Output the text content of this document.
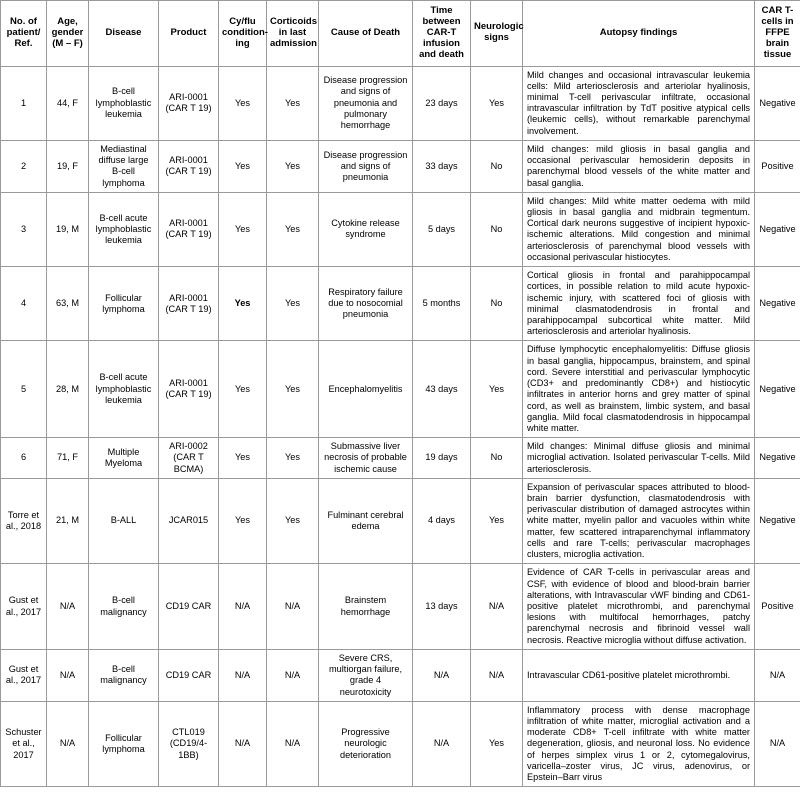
No. of patient/ Ref.	Age, gender (M – F)	Disease	Product	Cy/flu condition-ing	Corticoids in last admission	Cause of Death	Time between CAR-T infusion and death	Neurologic signs	Autopsy findings	CAR T-cells in FFPE brain tissue
1	44, F	B-cell lymphoblastic leukemia	ARI-0001 (CAR T 19)	Yes	Yes	Disease progression and signs of pneumonia and pulmonary hemorrhage	23 days	Yes	Mild changes and occasional intravascular leukemia cells: Mild arteriosclerosis and arteriolar hyalinosis, minimal T-cell perivascular infiltrate, occasional intravascular infiltration by TdT positive atypical cells (leukemic cells), without remarkable parenchymal involvement.	Negative
2	19, F	Mediastinal diffuse large B-cell lymphoma	ARI-0001 (CAR T 19)	Yes	Yes	Disease progression and signs of pneumonia	33 days	No	Mild changes: mild gliosis in basal ganglia and occasional perivascular hemosiderin deposits in parenchymal blood vessels of the white matter and basal ganglia.	Positive
3	19, M	B-cell acute lymphoblastic leukemia	ARI-0001 (CAR T 19)	Yes	Yes	Cytokine release syndrome	5 days	No	Mild changes: Mild white matter oedema with mild gliosis in basal ganglia and midbrain tegmentum. Cortical dark neurons suggestive of incipient hypoxic-ischemic alterations. Mild congestion and minimal arteriosclerosis of parenchymal blood vessels with occasional perivascular histiocytes.	Negative
4	63, M	Follicular lymphoma	ARI-0001 (CAR T 19)	Yes	Yes	Respiratory failure due to nosocomial pneumonia	5 months	No	Cortical gliosis in frontal and parahippocampal cortices, in possible relation to mild acute hypoxic-ischemic injury, with scattered foci of gliosis with minimal clasmatodendrosis in frontal and parahippocampal subcortical white matter. Mild arteriosclerosis and arteriolar hyalinosis.	Negative
5	28, M	B-cell acute lymphoblastic leukemia	ARI-0001 (CAR T 19)	Yes	Yes	Encephalomyelitis	43 days	Yes	Diffuse lymphocytic encephalomyelitis: Diffuse gliosis in basal ganglia, hippocampus, brainstem, and spinal cord. Severe interstitial and perivascular lymphocytic (CD3+ and predominantly CD8+) and histiocytic infiltrates in anterior horns and grey matter of spinal cord, as well as brainstem, limbic system, and basal ganglia. Mild focal clasmatodendrosis in hippocampal white matter.	Negative
6	71, F	Multiple Myeloma	ARI-0002 (CAR T BCMA)	Yes	Yes	Submassive liver necrosis of probable ischemic cause	19 days	No	Mild changes: Minimal diffuse gliosis and minimal microglial activation. Isolated perivascular T-cells. Mild arteriosclerosis.	Negative
Torre et al., 2018	21, M	B-ALL	JCAR015	Yes	Yes	Fulminant cerebral edema	4 days	Yes	Expansion of perivascular spaces attributed to blood-brain barrier dysfunction, clasmatodendrosis with perivascular distribution of damaged astrocytes within white matter, myelin pallor and vacuoles within white matter, few scattered intraparenchymal inflammatory cells and rare T-cells; perivascular macrophages clusters, microglia activation.	Negative
Gust et al., 2017	N/A	B-cell malignancy	CD19 CAR	N/A	N/A	Brainstem hemorrhage	13 days	N/A	Evidence of CAR T-cells in perivascular areas and CSF, with evidence of blood and blood-brain barrier alterations, with Intravascular vWF binding and CD61-positive platelet microthrombi, and parenchymal lesions with multifocal hemorrhages, patchy parenchymal necrosis and fibrinoid vessel wall necrosis. Reactive microglia without diffuse activation.	Positive
Gust et al., 2017	N/A	B-cell malignancy	CD19 CAR	N/A	N/A	Severe CRS, multiorgan failure, grade 4 neurotoxicity	N/A	N/A	Intravascular CD61-positive platelet microthrombi.	N/A
Schuster et al., 2017	N/A	Follicular lymphoma	CTL019 (CD19/4-1BB)	N/A	N/A	Progressive neurologic deterioration	N/A	Yes	Inflammatory process with dense macrophage infiltration of white matter, microglial activation and a moderate CD8+ T-cell infiltrate with white matter degeneration, gliosis, and neuronal loss. No evidence of herpes simplex virus 1 or 2, cytomegalovirus, varicella–zoster virus, JC virus, adenovirus, or Epstein–Barr virus	N/A
